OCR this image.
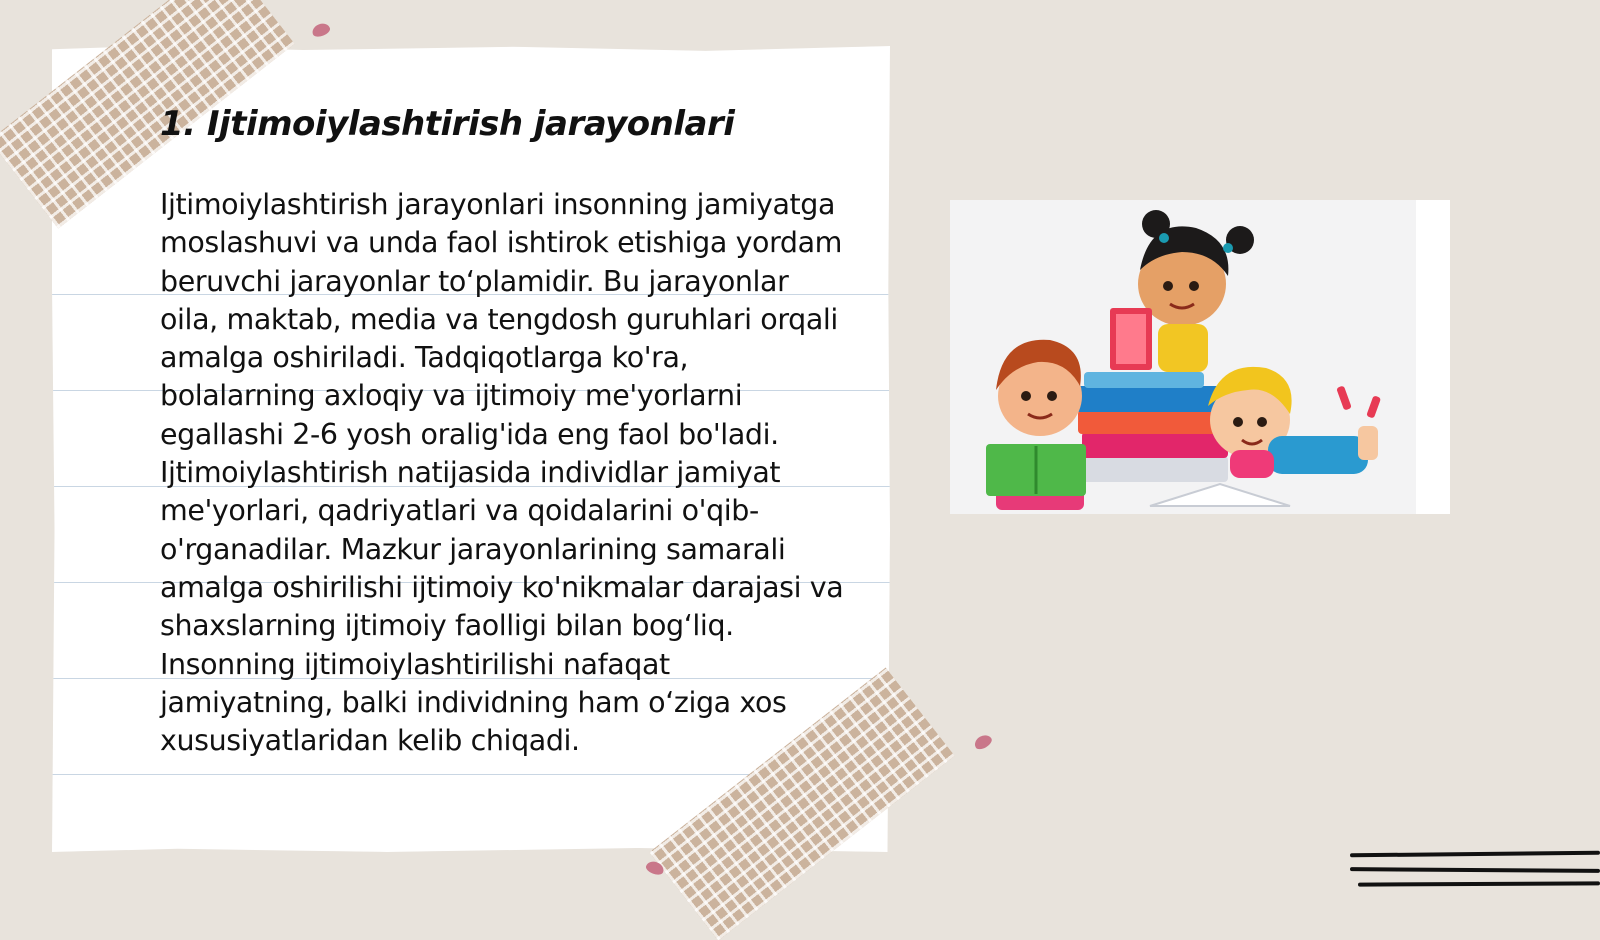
1. Ijtimoiylashtirish jarayonlari

Ijtimoiylashtirish jarayonlari insonning jamiyatga moslashuvi va unda faol ishtirok etishiga yordam beruvchi jarayonlar to‘plamidir. Bu jarayonlar oila, maktab, media va tengdosh guruhlari orqali amalga oshiriladi. Tadqiqotlarga ko'ra, bolalarning axloqiy va ijtimoiy me'yorlarni egallashi 2-6 yosh oralig'ida eng faol bo'ladi. Ijtimoiylashtirish natijasida individlar jamiyat me'yorlari, qadriyatlari va qoidalarini o'qib-o'rganadilar. Mazkur jarayonlarining samarali amalga oshirilishi ijtimoiy ko'nikmalar darajasi va shaxslarning ijtimoiy faolligi bilan bog‘liq. Insonning ijtimoiylashtirilishi nafaqat jamiyatning, balki individning ham o‘ziga xos xususiyatlaridan kelib chiqadi.
